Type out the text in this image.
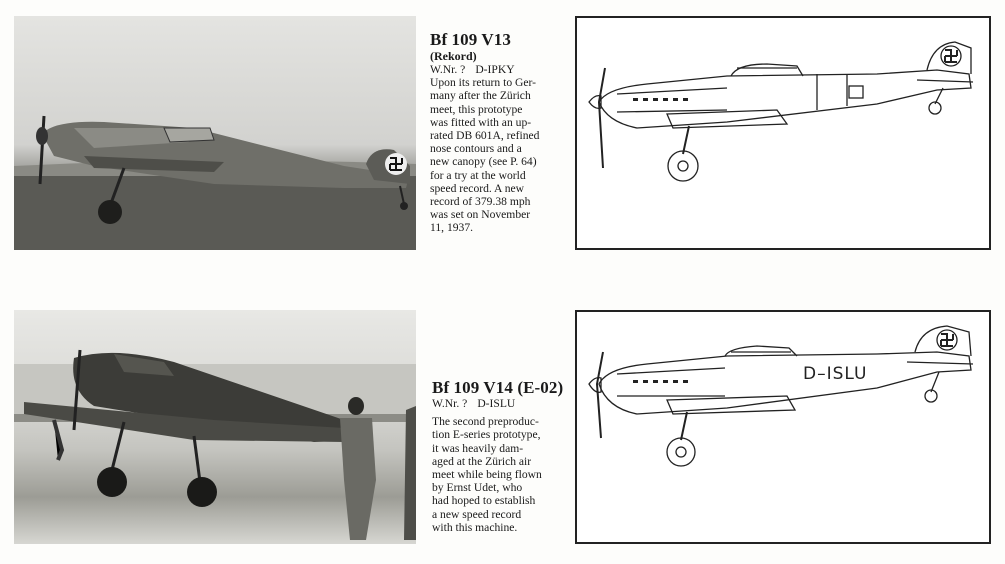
Bf 109 V13
(Rekord)
W.Nr. ? D-IPKY

Upon its return to Ger-

many after the Zürich

meet, this prototype

was fitted with an up-

rated DB 601A, refined

nose contours and a

new canopy (see P. 64)

for a try at the world

speed record. A new

record of 379.38 mph

was set on November

11, 1937.

Bf 109 V14 (E-02)
W.Nr. ? D-ISLU

The second preproduc-

tion E-series prototype,

it was heavily dam-

aged at the Zürich air

meet while being flown

by Ernst Udet, who

had hoped to establish

a new speed record

with this machine.

D–ISLU
